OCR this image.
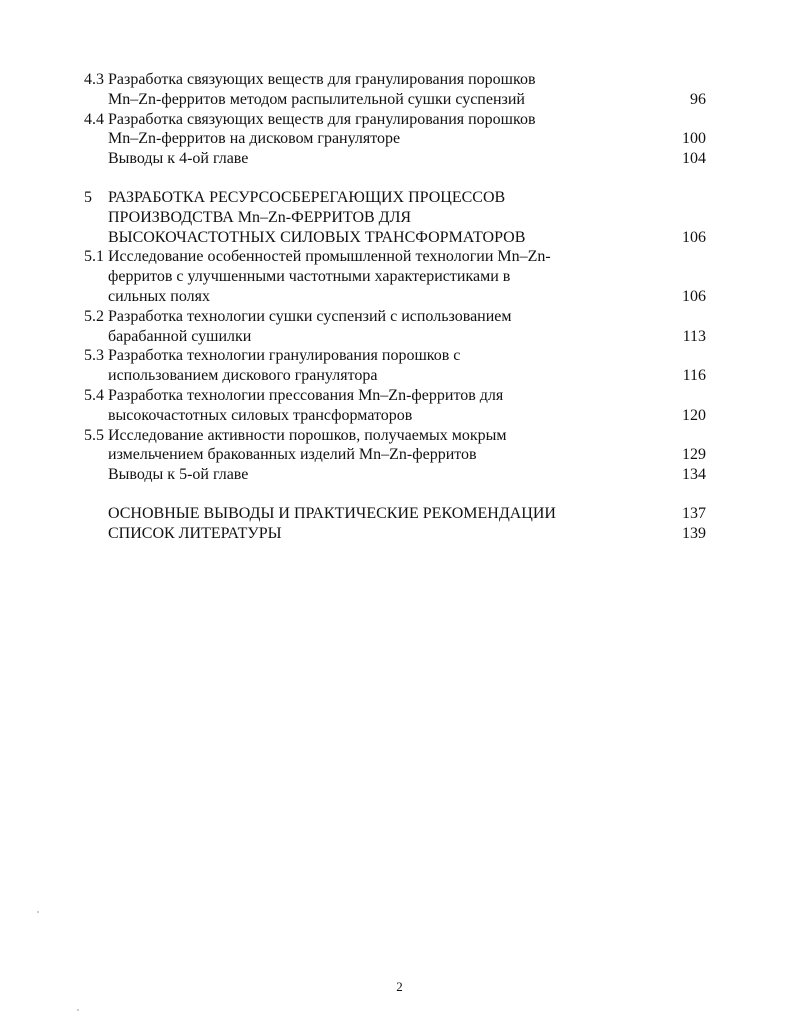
4.3 Разработка связующих веществ для гранулирования порошков
Mn–Zn-ферритов методом распылительной сушки суспензий	96
4.4 Разработка связующих веществ для гранулирования порошков
Mn–Zn-ферритов на дисковом грануляторе	100
Выводы к 4-ой главе	104
5	РАЗРАБОТКА РЕСУРСОСБЕРЕГАЮЩИХ ПРОЦЕССОВ
ПРОИЗВОДСТВА Mn–Zn-ФЕРРИТОВ ДЛЯ
ВЫСОКОЧАСТОТНЫХ СИЛОВЫХ ТРАНСФОРМАТОРОВ	106
5.1 Исследование особенностей промышленной технологии Mn–Zn-
ферритов с улучшенными частотными характеристиками в
сильных полях	106
5.2 Разработка технологии сушки суспензий с использованием
барабанной сушилки	113
5.3 Разработка технологии гранулирования порошков с
использованием дискового гранулятора	116
5.4 Разработка технологии прессования Mn–Zn-ферритов для
высокочастотных силовых трансформаторов	120
5.5 Исследование активности порошков, получаемых мокрым
измельчением бракованных изделий Mn–Zn-ферритов	129
Выводы к 5-ой главе	134
ОСНОВНЫЕ ВЫВОДЫ И ПРАКТИЧЕСКИЕ РЕКОМЕНДАЦИИ	137
СПИСОК ЛИТЕРАТУРЫ	139
2
